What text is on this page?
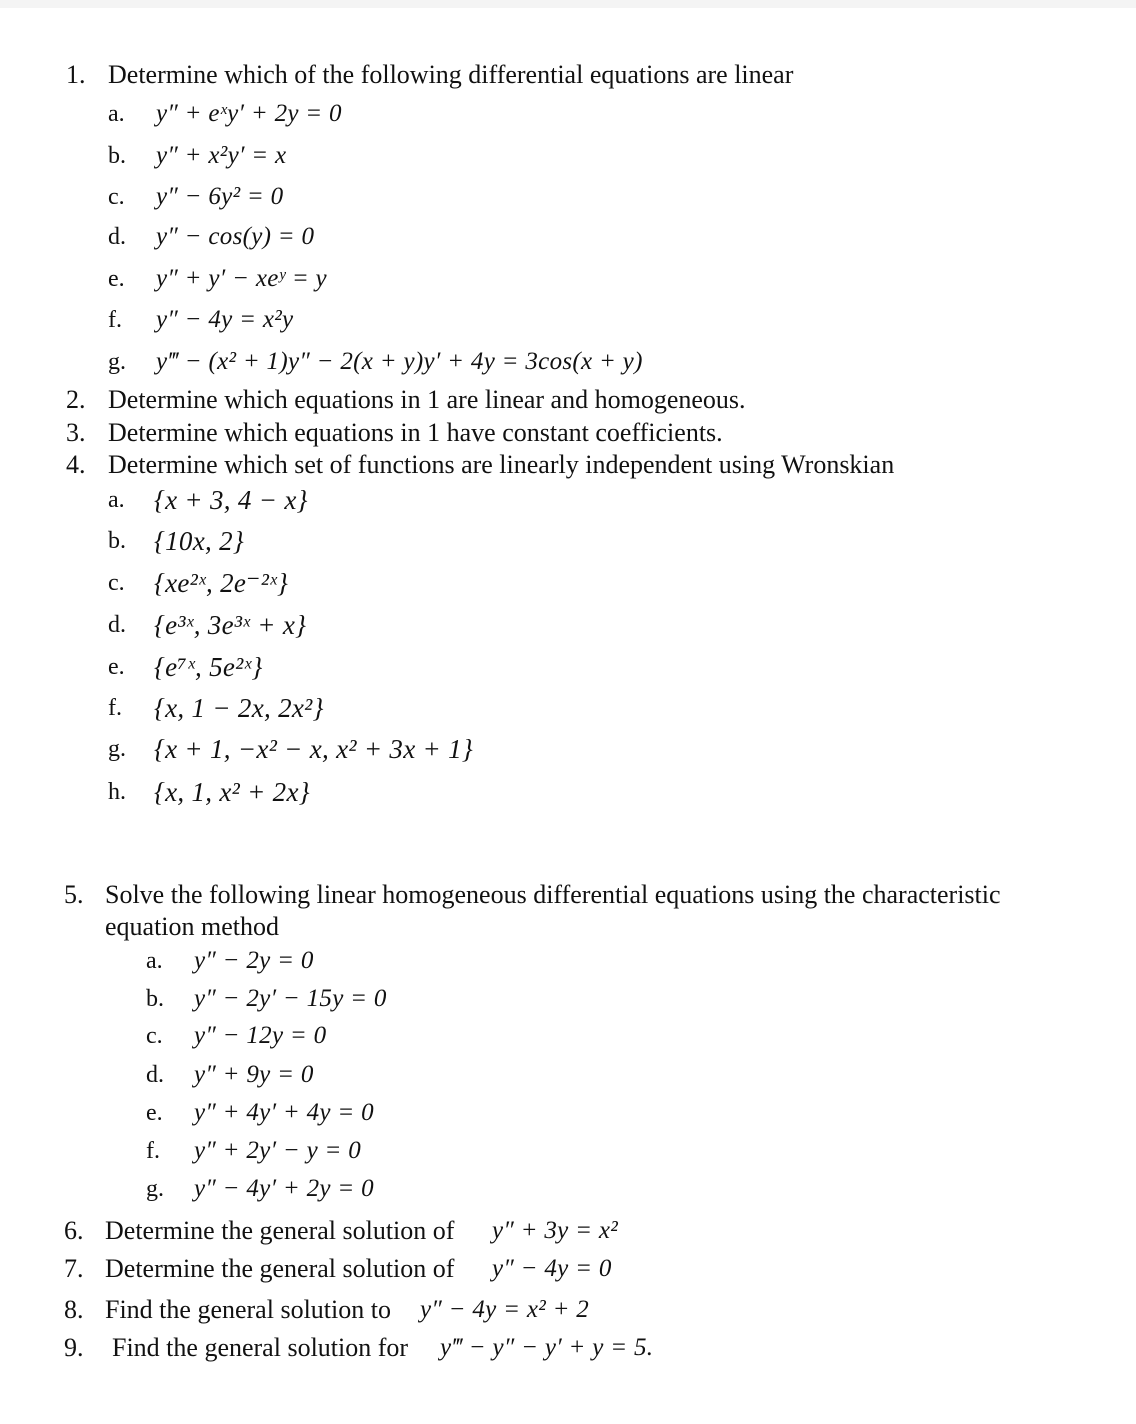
1. Determine which of the following differential equations are linear
a. y″ + eˣy′ + 2y = 0
b. y″ + x²y′ = x
c. y″ − 6y² = 0
d. y″ − cos(y) = 0
e. y″ + y′ − xeʸ = y
f. y″ − 4y = x²y
g. y‴ − (x² + 1)y″ − 2(x + y)y′ + 4y = 3cos(x + y)
2. Determine which equations in 1 are linear and homogeneous.
3. Determine which equations in 1 have constant coefficients.
4. Determine which set of functions are linearly independent using Wronskian
a. {x + 3, 4 − x}
b. {10x, 2}
c. {xe²ˣ, 2e⁻²ˣ}
d. {e³ˣ, 3e³ˣ + x}
e. {e⁷ˣ, 5e²ˣ}
f. {x, 1 − 2x, 2x²}
g. {x + 1, −x² − x, x² + 3x + 1}
h. {x, 1, x² + 2x}
5. Solve the following linear homogeneous differential equations using the characteristic
equation method
a. y″ − 2y = 0
b. y″ − 2y′ − 15y = 0
c. y″ − 12y = 0
d. y″ + 9y = 0
e. y″ + 4y′ + 4y = 0
f. y″ + 2y′ − y = 0
g. y″ − 4y′ + 2y = 0
6. Determine the general solution of y″ + 3y = x²
7. Determine the general solution of y″ − 4y = 0
8. Find the general solution to y″ − 4y = x² + 2
9. Find the general solution for y‴ − y″ − y′ + y = 5.
